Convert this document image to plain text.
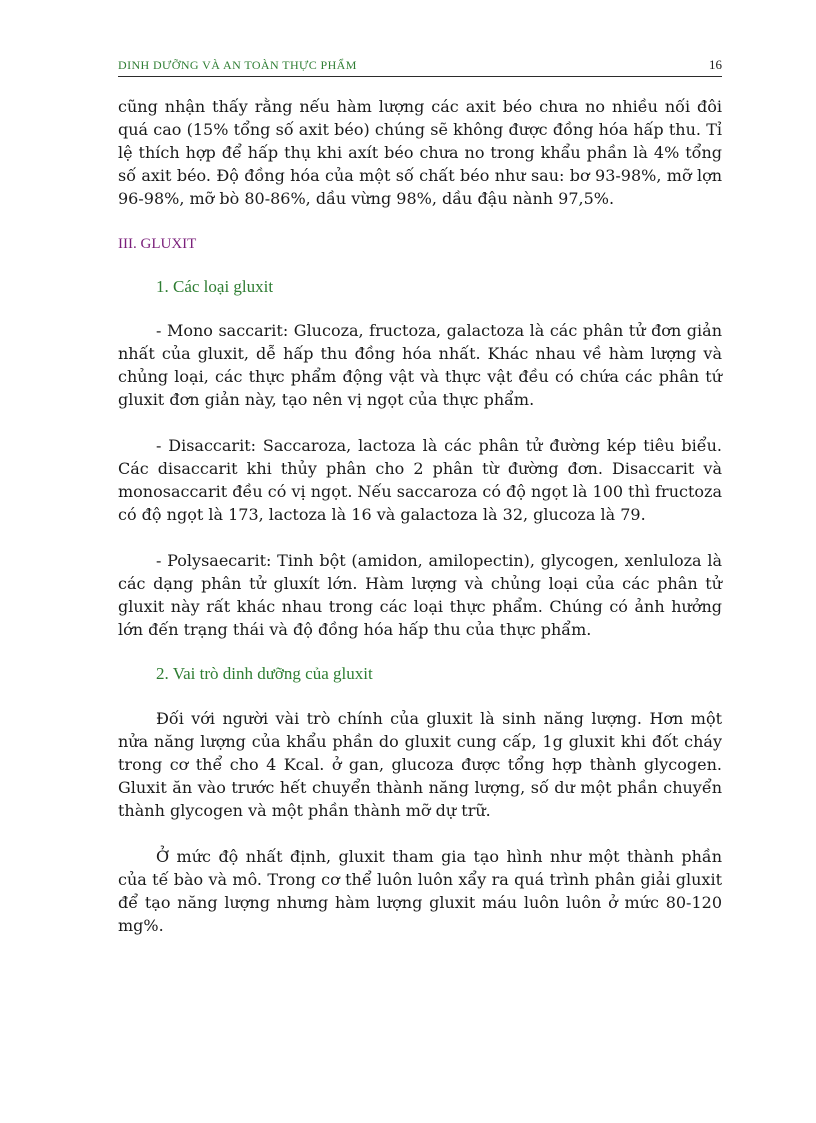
DINH DƯỠNG VÀ AN TOÀN THỰC PHẨM	16

cũng nhận thấy rằng nếu hàm lượng các axit béo chưa no nhiều nối đôi quá cao (15% tổng số axit béo) chúng sẽ không được đồng hóa hấp thu. Tỉ lệ thích hợp để hấp thụ khi axít béo chưa no trong khẩu phần là 4% tổng số axit béo. Độ đồng hóa của một số chất béo như sau: bơ 93-98%, mỡ lợn 96-98%, mỡ bò 80-86%, dầu vừng 98%, dầu đậu nành 97,5%.

III. GLUXIT

1. Các loại gluxit

- Mono saccarit: Glucoza, fructoza, galactoza là các phân tử đơn giản nhất của gluxit, dễ hấp thu đồng hóa nhất. Khác nhau về hàm lượng và chủng loại, các thực phẩm động vật và thực vật đều có chứa các phân tứ gluxit đơn giản này, tạo nên vị ngọt của thực phẩm.

- Disaccarit: Saccaroza, lactoza là các phân tử đường kép tiêu biểu. Các disaccarit khi thủy phân cho 2 phân từ đường đơn. Disaccarit và monosaccarit đều có vị ngọt. Nếu saccaroza có độ ngọt là 100 thì fructoza có độ ngọt là 173, lactoza là 16 và galactoza là 32, glucoza là 79.

- Polysaecarit: Tinh bột (amidon, amilopectin), glycogen, xenluloza là các dạng phân tử gluxít lớn. Hàm lượng và chủng loại của các phân tử gluxit này rất khác nhau trong các loại thực phẩm. Chúng có ảnh hưởng lớn đến trạng thái và độ đồng hóa hấp thu của thực phẩm.

2. Vai trò dinh dưỡng của gluxit

Đối với người vài trò chính của gluxit là sinh năng lượng. Hơn một nửa năng lượng của khẩu phần do gluxit cung cấp, 1g gluxit khi đốt cháy trong cơ thể cho 4 Kcal. ở gan, glucoza được tổng hợp thành glycogen. Gluxit ăn vào trước hết chuyển thành năng lượng, số dư một phần chuyển thành glycogen và một phần thành mỡ dự trữ.

Ở mức độ nhất định, gluxit tham gia tạo hình như một thành phần của tế bào và mô. Trong cơ thể luôn luôn xẩy ra quá trình phân giải gluxit để tạo năng lượng nhưng hàm lượng gluxit máu luôn luôn ở mức 80-120 mg%.
